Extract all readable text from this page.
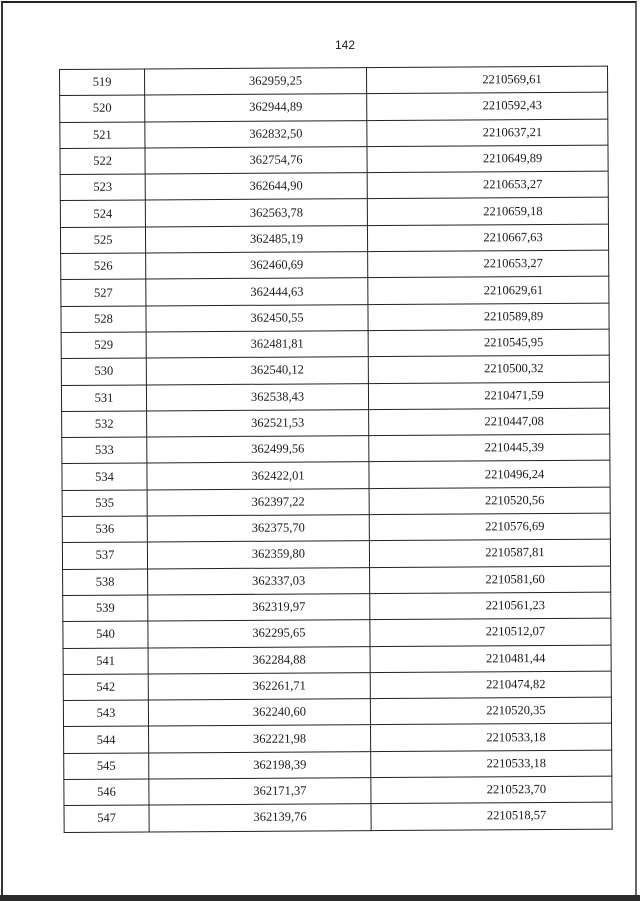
142
519	362959,25	2210569,61
520	362944,89	2210592,43
521	362832,50	2210637,21
522	362754,76	2210649,89
523	362644,90	2210653,27
524	362563,78	2210659,18
525	362485,19	2210667,63
526	362460,69	2210653,27
527	362444,63	2210629,61
528	362450,55	2210589,89
529	362481,81	2210545,95
530	362540,12	2210500,32
531	362538,43	2210471,59
532	362521,53	2210447,08
533	362499,56	2210445,39
534	362422,01	2210496,24
535	362397,22	2210520,56
536	362375,70	2210576,69
537	362359,80	2210587,81
538	362337,03	2210581,60
539	362319,97	2210561,23
540	362295,65	2210512,07
541	362284,88	2210481,44
542	362261,71	2210474,82
543	362240,60	2210520,35
544	362221,98	2210533,18
545	362198,39	2210533,18
546	362171,37	2210523,70
547	362139,76	2210518,57
